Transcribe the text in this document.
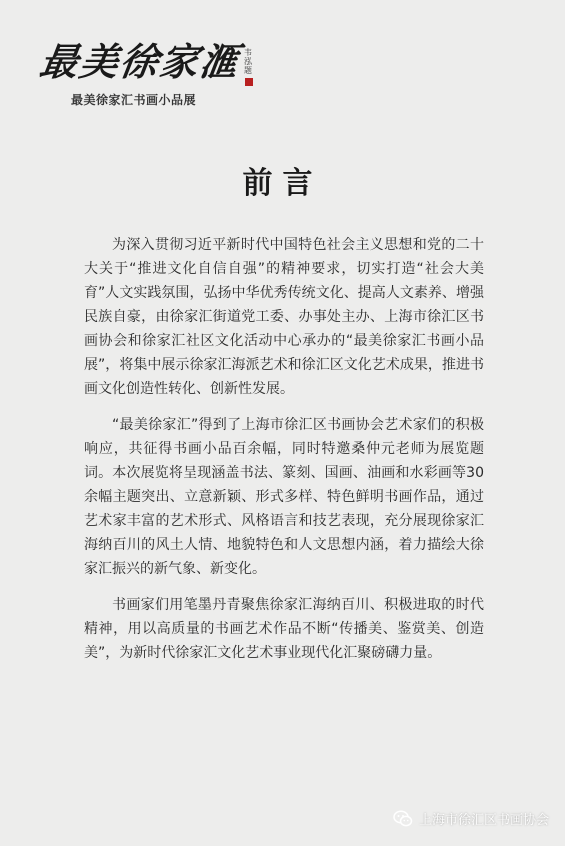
最美徐家滙 韦泓题
最美徐家汇书画小品展
前言

为深入贯彻习近平新时代中国特色社会主义思想和党的二十大关于“推进文化自信自强”的精神要求，切实打造“社会大美育”人文实践氛围，弘扬中华优秀传统文化、提高人文素养、增强民族自豪，由徐家汇街道党工委、办事处主办、上海市徐汇区书画协会和徐家汇社区文化活动中心承办的“最美徐家汇书画小品展”，将集中展示徐家汇海派艺术和徐汇区文化艺术成果，推进书画文化创造性转化、创新性发展。

“最美徐家汇”得到了上海市徐汇区书画协会艺术家们的积极响应，共征得书画小品百余幅，同时特邀桑仲元老师为展览题词。本次展览将呈现涵盖书法、篆刻、国画、油画和水彩画等30余幅主题突出、立意新颖、形式多样、特色鲜明书画作品，通过艺术家丰富的艺术形式、风格语言和技艺表现，充分展现徐家汇海纳百川的风土人情、地貌特色和人文思想内涵，着力描绘大徐家汇振兴的新气象、新变化。

书画家们用笔墨丹青聚焦徐家汇海纳百川、积极进取的时代精神，用以高质量的书画艺术作品不断“传播美、鉴赏美、创造美”，为新时代徐家汇文化艺术事业现代化汇聚磅礴力量。

上海市徐汇区书画协会
